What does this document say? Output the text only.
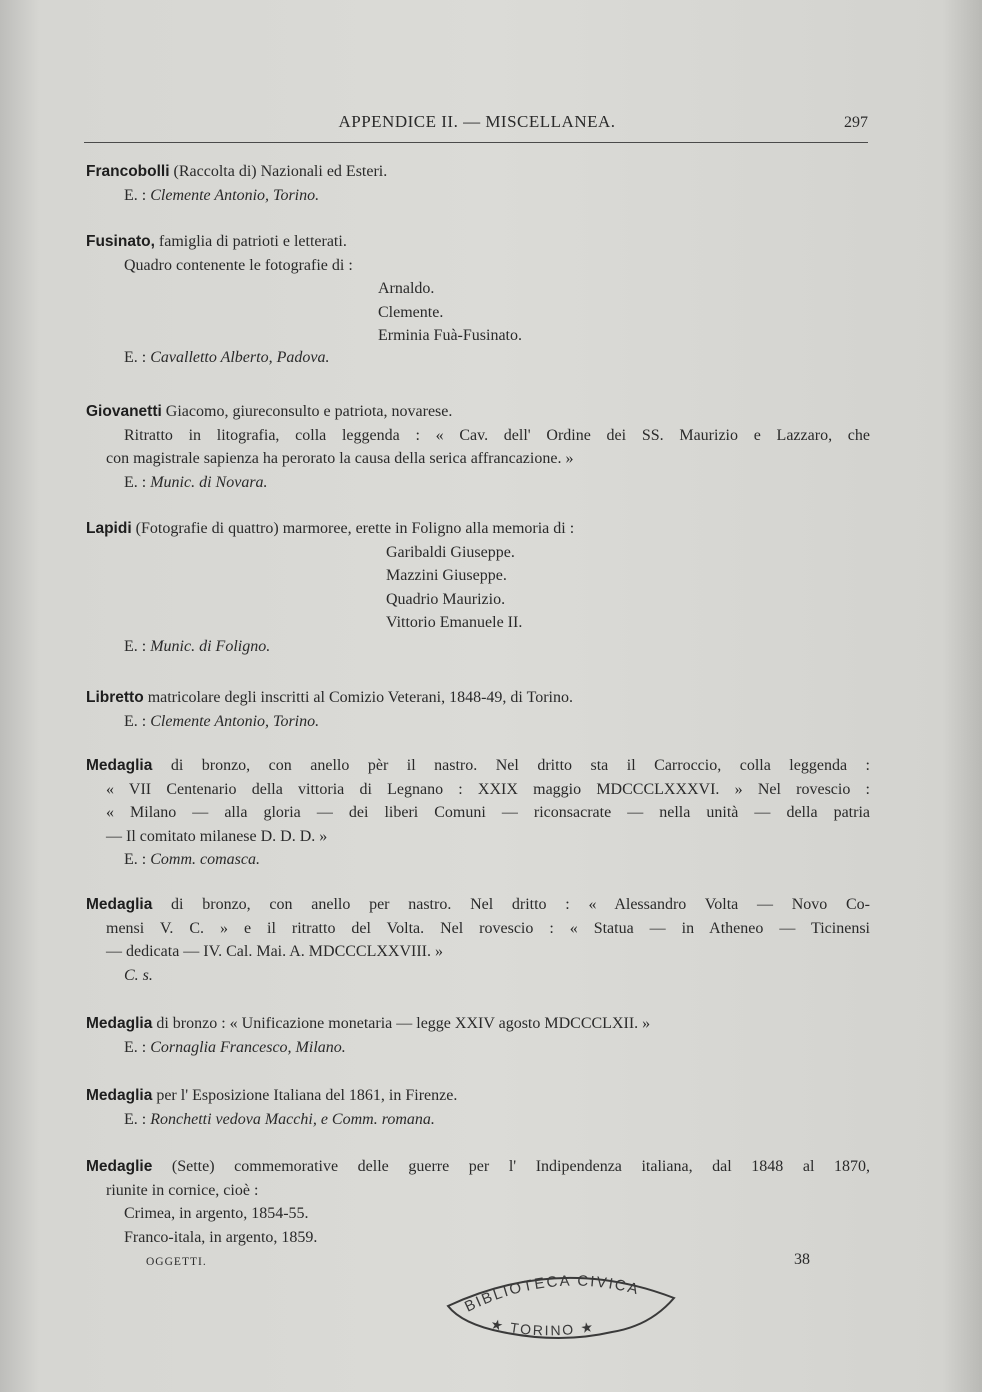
APPENDICE II. — MISCELLANEA.	297
Francobolli (Raccolta di) Nazionali ed Esteri.
E. : Clemente Antonio, Torino.
Fusinato, famiglia di patrioti e letterati.
Quadro contenente le fotografie di :
Arnaldo.
Clemente.
Erminia Fuà-Fusinato.
E. : Cavalletto Alberto, Padova.
Giovanetti Giacomo, giureconsulto e patriota, novarese.
Ritratto in litografia, colla leggenda : « Cav. dell' Ordine dei SS. Maurizio e Lazzaro, che
con magistrale sapienza ha perorato la causa della serica affrancazione. »
E. : Munic. di Novara.
Lapidi (Fotografie di quattro) marmoree, erette in Foligno alla memoria di :
Garibaldi Giuseppe.
Mazzini Giuseppe.
Quadrio Maurizio.
Vittorio Emanuele II.
E. : Munic. di Foligno.
Libretto matricolare degli inscritti al Comizio Veterani, 1848-49, di Torino.
E. : Clemente Antonio, Torino.
Medaglia di bronzo, con anello pèr il nastro. Nel dritto sta il Carroccio, colla leggenda :
« VII Centenario della vittoria di Legnano : XXIX maggio MDCCCLXXXVI. » Nel rovescio :
« Milano — alla gloria — dei liberi Comuni — riconsacrate — nella unità — della patria
— Il comitato milanese D. D. D. »
E. : Comm. comasca.
Medaglia di bronzo, con anello per nastro. Nel dritto : « Alessandro Volta — Novo Co-
mensi V. C. » e il ritratto del Volta. Nel rovescio : « Statua — in Atheneo — Ticinensi
— dedicata — IV. Cal. Mai. A. MDCCCLXXVIII. »
C. s.
Medaglia di bronzo : « Unificazione monetaria — legge XXIV agosto MDCCCLXII. »
E. : Cornaglia Francesco, Milano.
Medaglia per l' Esposizione Italiana del 1861, in Firenze.
E. : Ronchetti vedova Macchi, e Comm. romana.
Medaglie (Sette) commemorative delle guerre per l' Indipendenza italiana, dal 1848 al 1870,
riunite in cornice, cioè :
Crimea, in argento, 1854-55.
Franco-itala, in argento, 1859.
OGGETTI.	38
BIBLIOTECA CIVICA
★ TORINO ★
